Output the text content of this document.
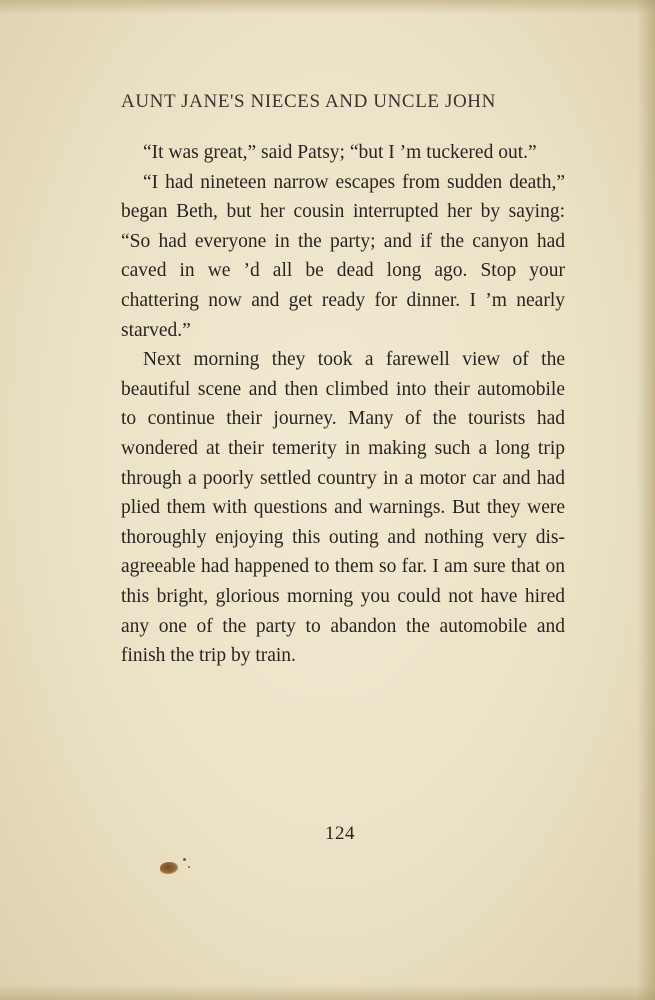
AUNT JANE'S NIECES AND UNCLE JOHN

“It was great,” said Patsy; “but I ’m tuckered out.”

“I had nineteen narrow escapes from sudden death,” began Beth, but her cousin interrupted her by saying: “So had everyone in the party; and if the canyon had caved in we ’d all be dead long ago. Stop your chattering now and get ready for dinner. I ’m nearly starved.”

Next morning they took a farewell view of the beautiful scene and then climbed into their automobile to continue their journey. Many of the tourists had wondered at their temerity in making such a long trip through a poorly settled country in a motor car and had plied them with questions and warnings. But they were thoroughly enjoying this outing and nothing very disagreeable had happened to them so far. I am sure that on this bright, glorious morning you could not have hired any one of the party to abandon the automobile and finish the trip by train.

124
